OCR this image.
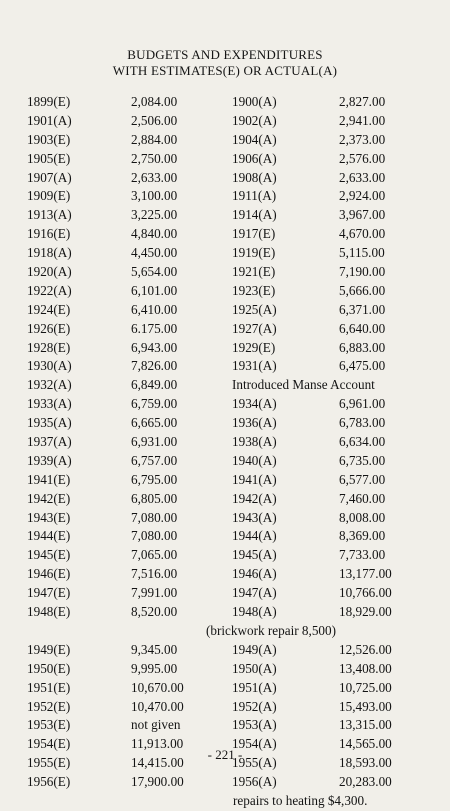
BUDGETS AND EXPENDITURES
WITH ESTIMATES(E) OR ACTUAL(A)
1899(E)	2,084.00	1900(A)	2,827.00
1901(A)	2,506.00	1902(A)	2,941.00
1903(E)	2,884.00	1904(A)	2,373.00
1905(E)	2,750.00	1906(A)	2,576.00
1907(A)	2,633.00	1908(A)	2,633.00
1909(E)	3,100.00	1911(A)	2,924.00
1913(A)	3,225.00	1914(A)	3,967.00
1916(E)	4,840.00	1917(E)	4,670.00
1918(A)	4,450.00	1919(E)	5,115.00
1920(A)	5,654.00	1921(E)	7,190.00
1922(A)	6,101.00	1923(E)	5,666.00
1924(E)	6,410.00	1925(A)	6,371.00
1926(E)	6.175.00	1927(A)	6,640.00
1928(E)	6,943.00	1929(E)	6,883.00
1930(A)	7,826.00	1931(A)	6,475.00
1932(A)	6,849.00	Introduced Manse Account
1933(A)	6,759.00	1934(A)	6,961.00
1935(A)	6,665.00	1936(A)	6,783.00
1937(A)	6,931.00	1938(A)	6,634.00
1939(A)	6,757.00	1940(A)	6,735.00
1941(E)	6,795.00	1941(A)	6,577.00
1942(E)	6,805.00	1942(A)	7,460.00
1943(E)	7,080.00	1943(A)	8,008.00
1944(E)	7,080.00	1944(A)	8,369.00
1945(E)	7,065.00	1945(A)	7,733.00
1946(E)	7,516.00	1946(A)	13,177.00
1947(E)	7,991.00	1947(A)	10,766.00
1948(E)	8,520.00	1948(A)	18,929.00
(brickwork repair 8,500)
1949(E)	9,345.00	1949(A)	12,526.00
1950(E)	9,995.00	1950(A)	13,408.00
1951(E)	10,670.00	1951(A)	10,725.00
1952(E)	10,470.00	1952(A)	15,493.00
1953(E)	not given	1953(A)	13,315.00
1954(E)	11,913.00	1954(A)	14,565.00
1955(E)	14,415.00	1955(A)	18,593.00
1956(E)	17,900.00	1956(A)	20,283.00
repairs to heating $4,300.
- 221 -
